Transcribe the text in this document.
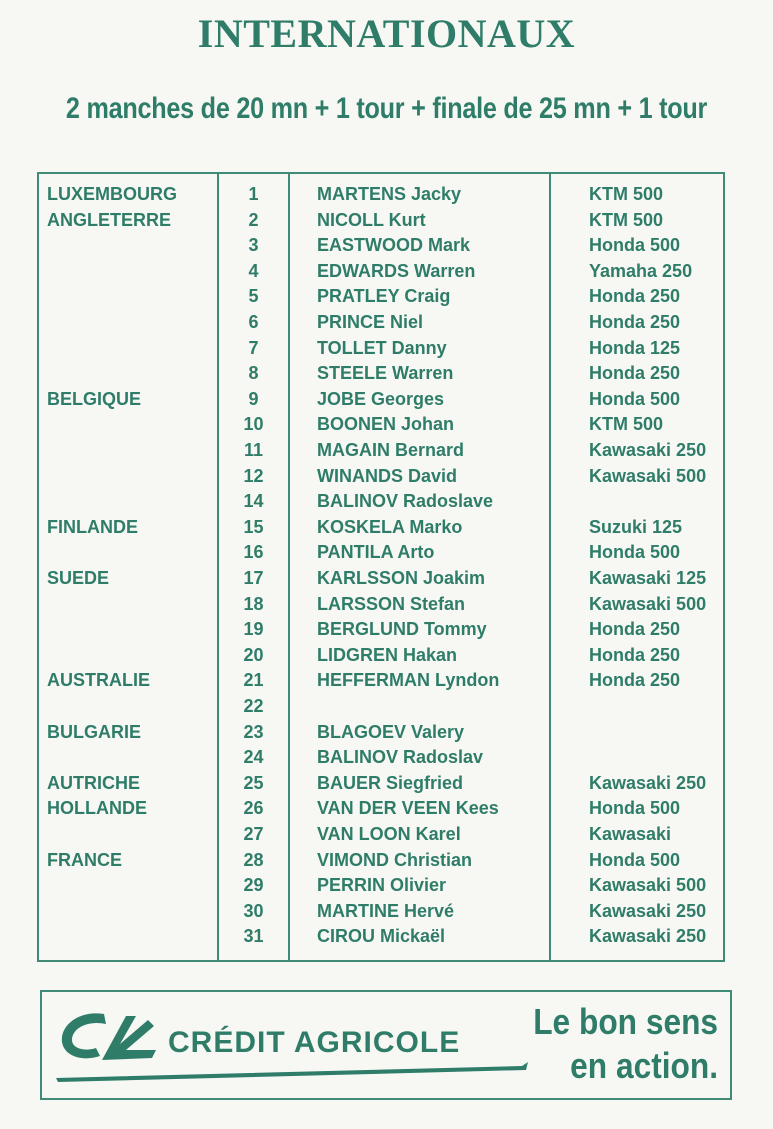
INTERNATIONAUX
2 manches de 20 mn + 1 tour + finale de 25 mn + 1 tour
LUXEMBOURG	1	MARTENS Jacky	KTM 500
ANGLETERRE	2	NICOLL Kurt	KTM 500
3	EASTWOOD Mark	Honda 500
4	EDWARDS Warren	Yamaha 250
5	PRATLEY Craig	Honda 250
6	PRINCE Niel	Honda 250
7	TOLLET Danny	Honda 125
8	STEELE Warren	Honda 250
BELGIQUE	9	JOBE Georges	Honda 500
10	BOONEN Johan	KTM 500
11	MAGAIN Bernard	Kawasaki 250
12	WINANDS David	Kawasaki 500
14	BALINOV Radoslave
FINLANDE	15	KOSKELA Marko	Suzuki 125
16	PANTILA Arto	Honda 500
SUEDE	17	KARLSSON Joakim	Kawasaki 125
18	LARSSON Stefan	Kawasaki 500
19	BERGLUND Tommy	Honda 250
20	LIDGREN Hakan	Honda 250
AUSTRALIE	21	HEFFERMAN Lyndon	Honda 250
22
BULGARIE	23	BLAGOEV Valery
24	BALINOV Radoslav
AUTRICHE	25	BAUER Siegfried	Kawasaki 250
HOLLANDE	26	VAN DER VEEN Kees	Honda 500
27	VAN LOON Karel	Kawasaki
FRANCE	28	VIMOND Christian	Honda 500
29	PERRIN Olivier	Kawasaki 500
30	MARTINE Hervé	Kawasaki 250
31	CIROU Mickaël	Kawasaki 250
CRÉDIT AGRICOLE
Le bon sens
en action.
